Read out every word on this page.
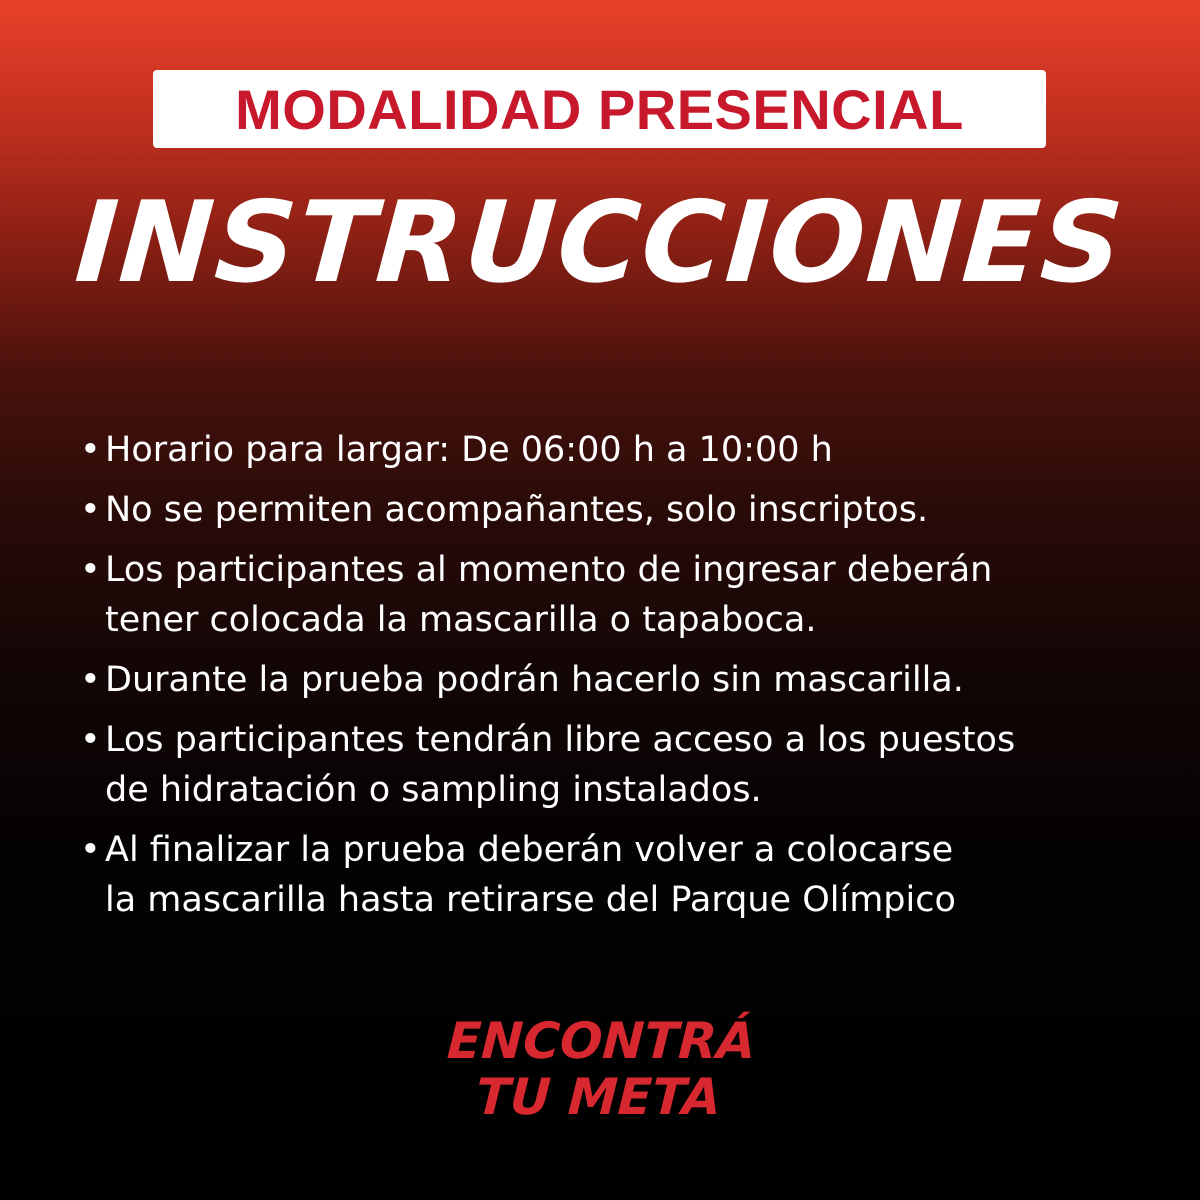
MODALIDAD PRESENCIAL
INSTRUCCIONES
• Horario para largar: De 06:00 h a 10:00 h
• No se permiten acompañantes, solo inscriptos.
• Los participantes al momento de ingresar deberán
tener colocada la mascarilla o tapaboca.
• Durante la prueba podrán hacerlo sin mascarilla.
• Los participantes tendrán libre acceso a los puestos
de hidratación o sampling instalados.
• Al finalizar la prueba deberán volver a colocarse
la mascarilla hasta retirarse del Parque Olímpico
ENCONTRÁ
TU META
